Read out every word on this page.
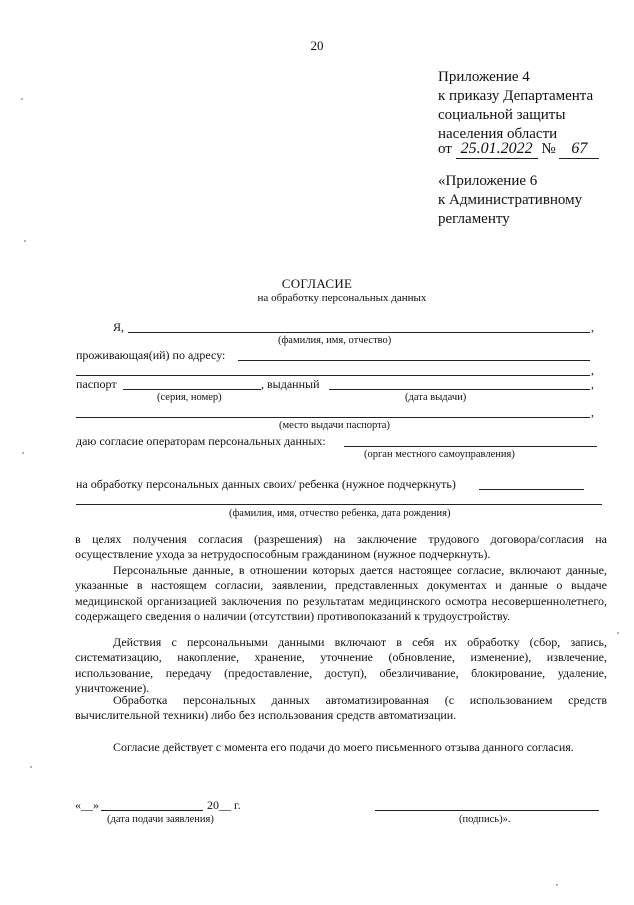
20
Приложение 4
к приказу Департамента
социальной защиты
населения области
от 25.01.2022 № 67
«Приложение 6
к Административному
регламенту
СОГЛАСИЕ
на обработку персональных данных
Я,	,
(фамилия, имя, отчество)
проживающая(ий) по адресу:
,
паспорт	, выданный	,
(серия, номер)	(дата выдачи)
,
(место выдачи паспорта)
даю согласие операторам персональных данных:
(орган местного самоуправления)
на обработку персональных данных своих/ ребенка (нужное подчеркнуть)
(фамилия, имя, отчество ребенка, дата рождения)
в целях получения согласия (разрешения) на заключение трудового договора/согласия на осуществление ухода за нетрудоспособным гражданином (нужное подчеркнуть).
Персональные данные, в отношении которых дается настоящее согласие, включают данные, указанные в настоящем согласии, заявлении, представленных документах и данные о выдаче медицинской организацией заключения по результатам медицинского осмотра несовершеннолетнего, содержащего сведения о наличии (отсутствии) противопоказаний к трудоустройству.
Действия с персональными данными включают в себя их обработку (сбор, запись, систематизацию, накопление, хранение, уточнение (обновление, изменение), извлечение, использование, передачу (предоставление, доступ), обезличивание, блокирование, удаление, уничтожение).
Обработка персональных данных автоматизированная (с использованием средств вычислительной техники) либо без использования средств автоматизации.
Согласие действует с момента его подачи до моего письменного отзыва данного согласия.
«__»	20__ г.
(дата подачи заявления)	(подпись)».
